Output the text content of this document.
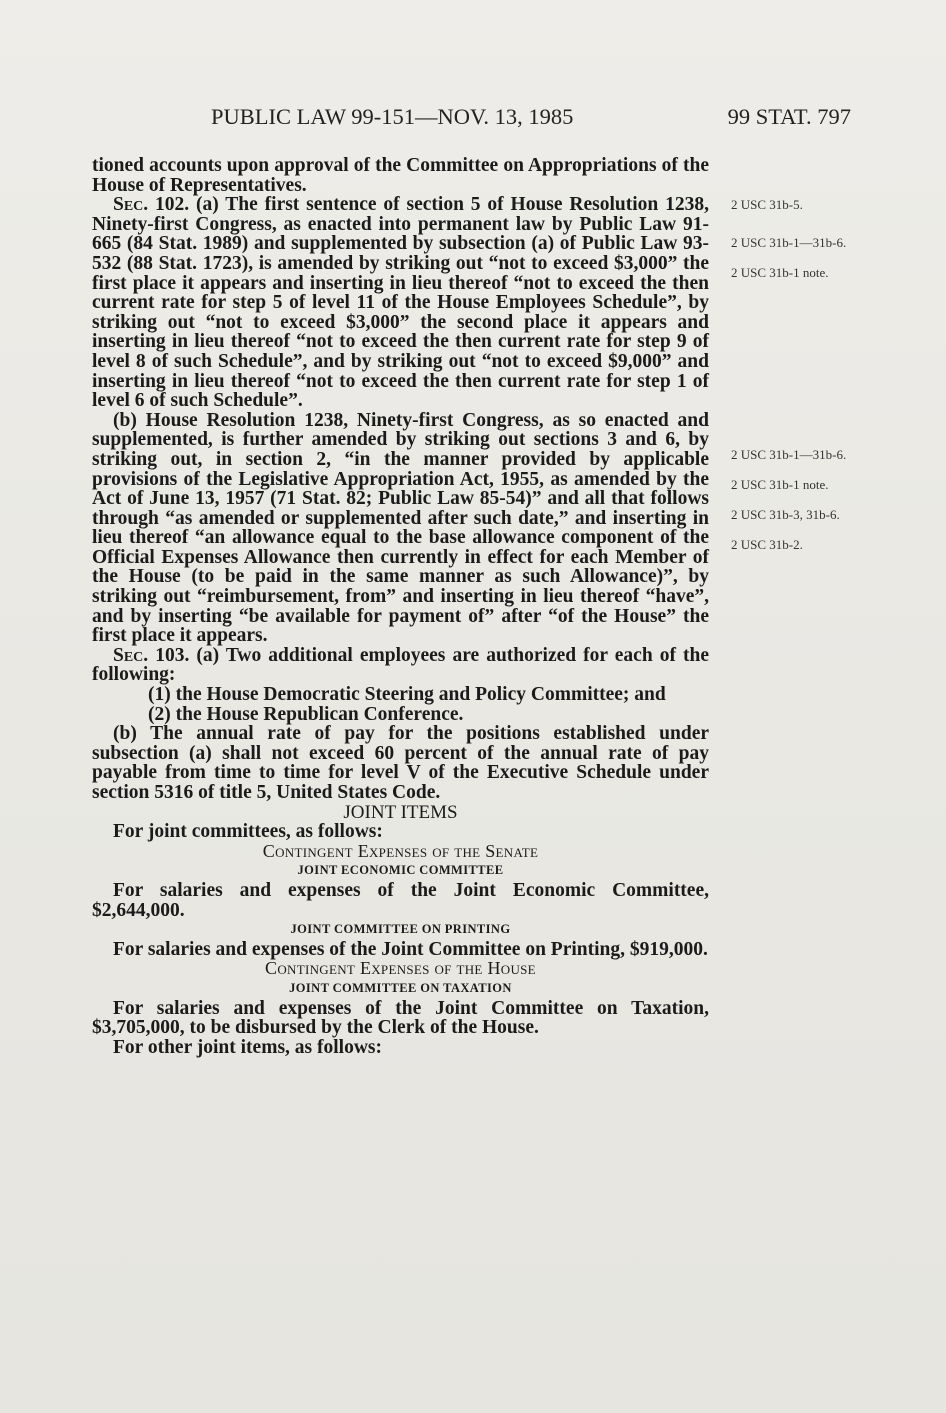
PUBLIC LAW 99-151—NOV. 13, 1985	99 STAT. 797

tioned accounts upon approval of the Committee on Appropriations of the House of Representatives.

Sec. 102. (a) The first sentence of section 5 of House Resolution 1238, Ninety-first Congress, as enacted into permanent law by Public Law 91-665 (84 Stat. 1989) and supplemented by subsection (a) of Public Law 93-532 (88 Stat. 1723), is amended by striking out “not to exceed $3,000” the first place it appears and inserting in lieu thereof “not to exceed the then current rate for step 5 of level 11 of the House Employees Schedule”, by striking out “not to exceed $3,000” the second place it appears and inserting in lieu thereof “not to exceed the then current rate for step 9 of level 8 of such Schedule”, and by striking out “not to exceed $9,000” and inserting in lieu thereof “not to exceed the then current rate for step 1 of level 6 of such Schedule”.

(b) House Resolution 1238, Ninety-first Congress, as so enacted and supplemented, is further amended by striking out sections 3 and 6, by striking out, in section 2, “in the manner provided by applicable provisions of the Legislative Appropriation Act, 1955, as amended by the Act of June 13, 1957 (71 Stat. 82; Public Law 85-54)” and all that follows through “as amended or supplemented after such date,” and inserting in lieu thereof “an allowance equal to the base allowance component of the Official Expenses Allowance then currently in effect for each Member of the House (to be paid in the same manner as such Allowance)”, by striking out “reimbursement, from” and inserting in lieu thereof “have”, and by inserting “be available for payment of” after “of the House” the first place it appears.

Sec. 103. (a) Two additional employees are authorized for each of the following:

(1) the House Democratic Steering and Policy Committee; and

(2) the House Republican Conference.

(b) The annual rate of pay for the positions established under subsection (a) shall not exceed 60 percent of the annual rate of pay payable from time to time for level V of the Executive Schedule under section 5316 of title 5, United States Code.

JOINT ITEMS

For joint committees, as follows:

Contingent Expenses of the Senate

JOINT ECONOMIC COMMITTEE

For salaries and expenses of the Joint Economic Committee, $2,644,000.

JOINT COMMITTEE ON PRINTING

For salaries and expenses of the Joint Committee on Printing, $919,000.

Contingent Expenses of the House

JOINT COMMITTEE ON TAXATION

For salaries and expenses of the Joint Committee on Taxation, $3,705,000, to be disbursed by the Clerk of the House.

For other joint items, as follows:

2 USC 31b-5.
2 USC 31b-1—31b-6.
2 USC 31b-1 note.
2 USC 31b-1—31b-6.
2 USC 31b-1 note.
2 USC 31b-3, 31b-6.
2 USC 31b-2.
